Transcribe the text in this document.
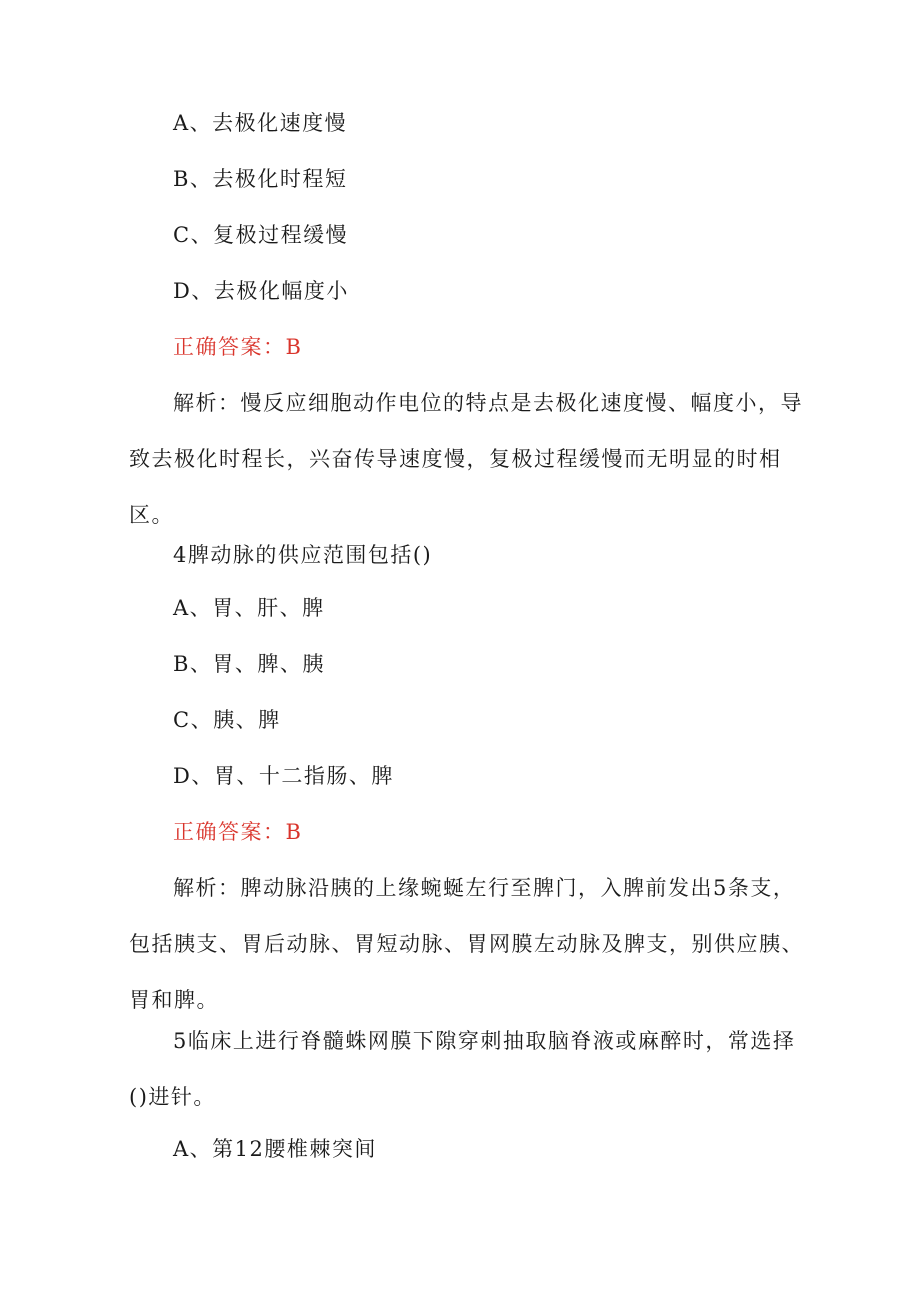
A、去极化速度慢
B、去极化时程短
C、复极过程缓慢
D、去极化幅度小
正确答案：B
解析：慢反应细胞动作电位的特点是去极化速度慢、幅度小，导致去极化时程长，兴奋传导速度慢，复极过程缓慢而无明显的时相区。
4脾动脉的供应范围包括()
A、胃、肝、脾
B、胃、脾、胰
C、胰、脾
D、胃、十二指肠、脾
正确答案：B
解析：脾动脉沿胰的上缘蜿蜒左行至脾门，入脾前发出5条支，包括胰支、胃后动脉、胃短动脉、胃网膜左动脉及脾支，别供应胰、胃和脾。
5临床上进行脊髓蛛网膜下隙穿刺抽取脑脊液或麻醉时，常选择()进针。
A、第12腰椎棘突间
